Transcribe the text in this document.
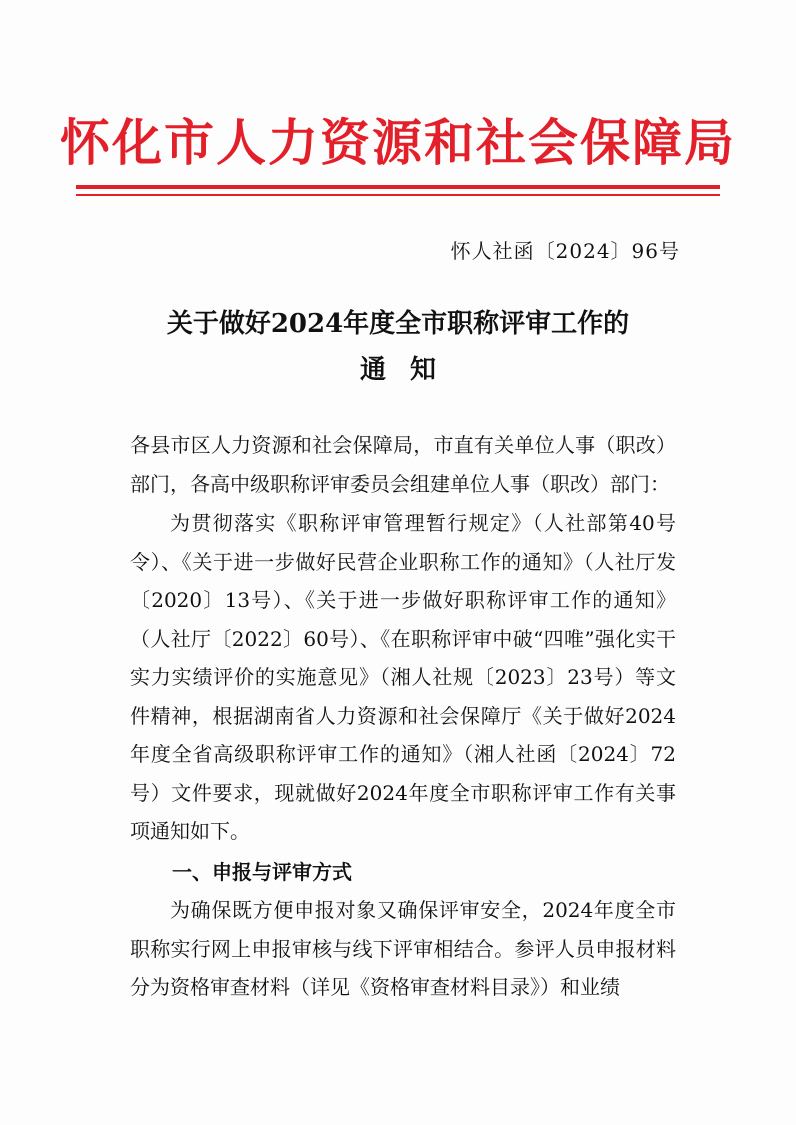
怀化市人力资源和社会保障局
怀人社函〔2024〕96号
关于做好2024年度全市职称评审工作的
通知

各县市区人力资源和社会保障局，市直有关单位人事（职改）部门，各高中级职称评审委员会组建单位人事（职改）部门：

为贯彻落实《职称评审管理暂行规定》（人社部第40号令）、《关于进一步做好民营企业职称工作的通知》（人社厅发〔2020〕13号）、《关于进一步做好职称评审工作的通知》（人社厅〔2022〕60号）、《在职称评审中破“四唯”强化实干实力实绩评价的实施意见》（湘人社规〔2023〕23号）等文件精神，根据湖南省人力资源和社会保障厅《关于做好2024年度全省高级职称评审工作的通知》（湘人社函〔2024〕72号）文件要求，现就做好2024年度全市职称评审工作有关事项通知如下。

一、申报与评审方式

为确保既方便申报对象又确保评审安全，2024年度全市职称实行网上申报审核与线下评审相结合。参评人员申报材料分为资格审查材料（详见《资格审查材料目录》）和业绩
